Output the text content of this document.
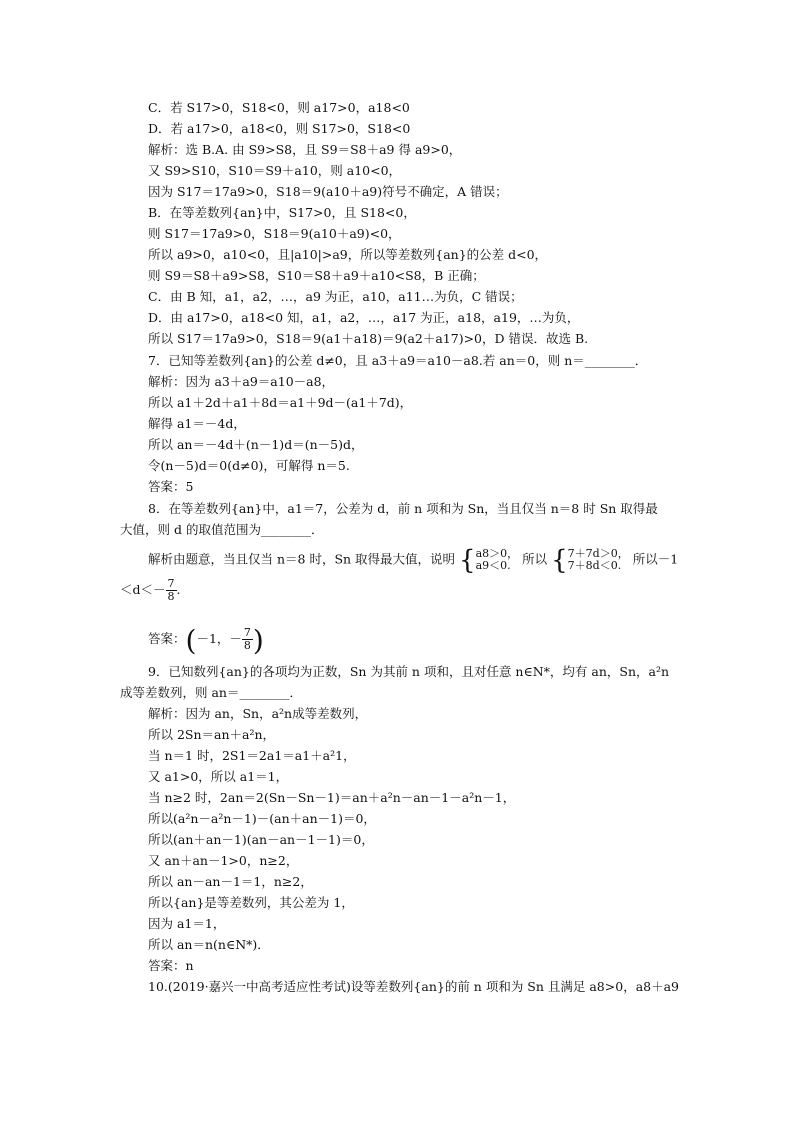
C．若 S17>0，S18<0，则 a17>0，a18<0
D．若 a17>0，a18<0，则 S17>0，S18<0
解析：选 B.A. 由 S9>S8，且 S9＝S8＋a9 得 a9>0，
又 S9>S10，S10＝S9＋a10，则 a10<0，
因为 S17＝17a9>0，S18＝9(a10＋a9)符号不确定，A 错误；
B．在等差数列{an}中，S17>0，且 S18<0，
则 S17＝17a9>0，S18＝9(a10＋a9)<0，
所以 a9>0，a10<0，且|a10|>a9，所以等差数列{an}的公差 d<0，
则 S9＝S8＋a9>S8，S10＝S8＋a9＋a10<S8，B 正确；
C．由 B 知，a1，a2，…，a9 为正，a10，a11…为负，C 错误；
D．由 a17>0，a18<0 知，a1，a2，…，a17 为正，a18，a19，…为负，
所以 S17＝17a9>0，S18＝9(a1＋a18)＝9(a2＋a17)>0，D 错误．故选 B.
7．已知等差数列{an}的公差 d≠0，且 a3＋a9＝a10－a8.若 an＝0，则 n＝________．
解析：因为 a3＋a9＝a10－a8，
所以 a1＋2d＋a1＋8d＝a1＋9d－(a1＋7d)，
解得 a1＝－4d，
所以 an＝－4d＋(n－1)d＝(n－5)d，
令(n－5)d＝0(d≠0)，可解得 n＝5.
答案：5
8．在等差数列{an}中，a1＝7，公差为 d，前 n 项和为 Sn，当且仅当 n＝8 时 Sn 取得最
大值，则 d 的取值范围为________．
解析由题意，当且仅当 n＝8 时，Sn 取得最大值，说明 { a8＞0，
a9＜0. 所以 { 7＋7d＞0，
7＋8d＜0. 所以－1
$<d<- \frac{7}{8}$ .
答案：(－1，－ $\frac{7}{8}$ )
9．已知数列{an}的各项均为正数，Sn 为其前 n 项和，且对任意 n∈N*，均有 an，Sn，a²n
成等差数列，则 an＝________．
解析：因为 an，Sn，a²n成等差数列，
所以 2Sn＝an＋a²n，
当 n＝1 时，2S1＝2a1＝a1＋a²1，
又 a1>0，所以 a1＝1，
当 n≥2 时，2an＝2(Sn－Sn－1)＝an＋a²n－an－1－a²n－1，
所以(a²n－a²n－1)－(an＋an－1)＝0，
所以(an＋an－1)(an－an－1－1)＝0，
又 an＋an－1>0，n≥2，
所以 an－an－1＝1，n≥2，
所以{an}是等差数列，其公差为 1，
因为 a1＝1，
所以 an＝n(n∈N*)．
答案：n
10.(2019·嘉兴一中高考适应性考试)设等差数列{an}的前 n 项和为 Sn 且满足 a8>0，a8＋a9
